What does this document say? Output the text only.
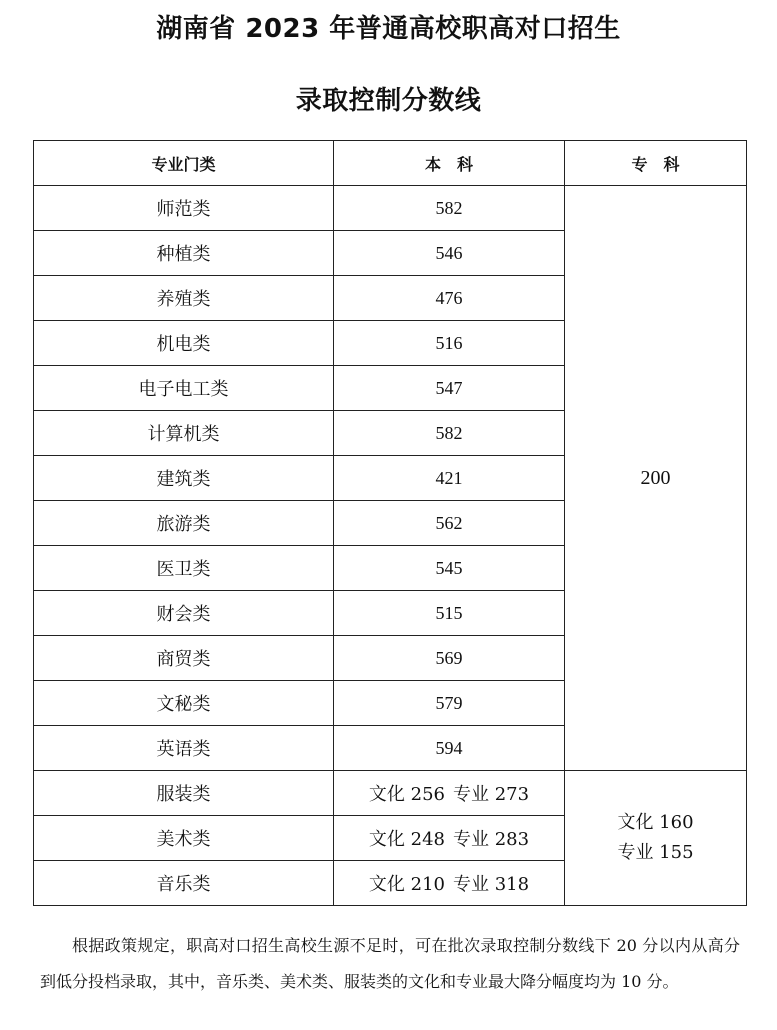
湖南省 2023 年普通高校职高对口招生
录取控制分数线
专业门类	本　科	专　科
师范类	582	200
种植类	546	
养殖类	476	
机电类	516	
电子电工类	547	
计算机类	582	
建筑类	421	
旅游类	562	
医卫类	545	
财会类	515	
商贸类	569	
文秘类	579	
英语类	594	
服装类	文化 256 专业 273	文化 160
专业 155

美术类	文化 248 专业 283	
音乐类	文化 210 专业 318	

根据政策规定，职高对口招生高校生源不足时，可在批次录取控制分数线下 20 分以内从高分到低分投档录取，其中，音乐类、美术类、服装类的文化和专业最大降分幅度均为 10 分。
